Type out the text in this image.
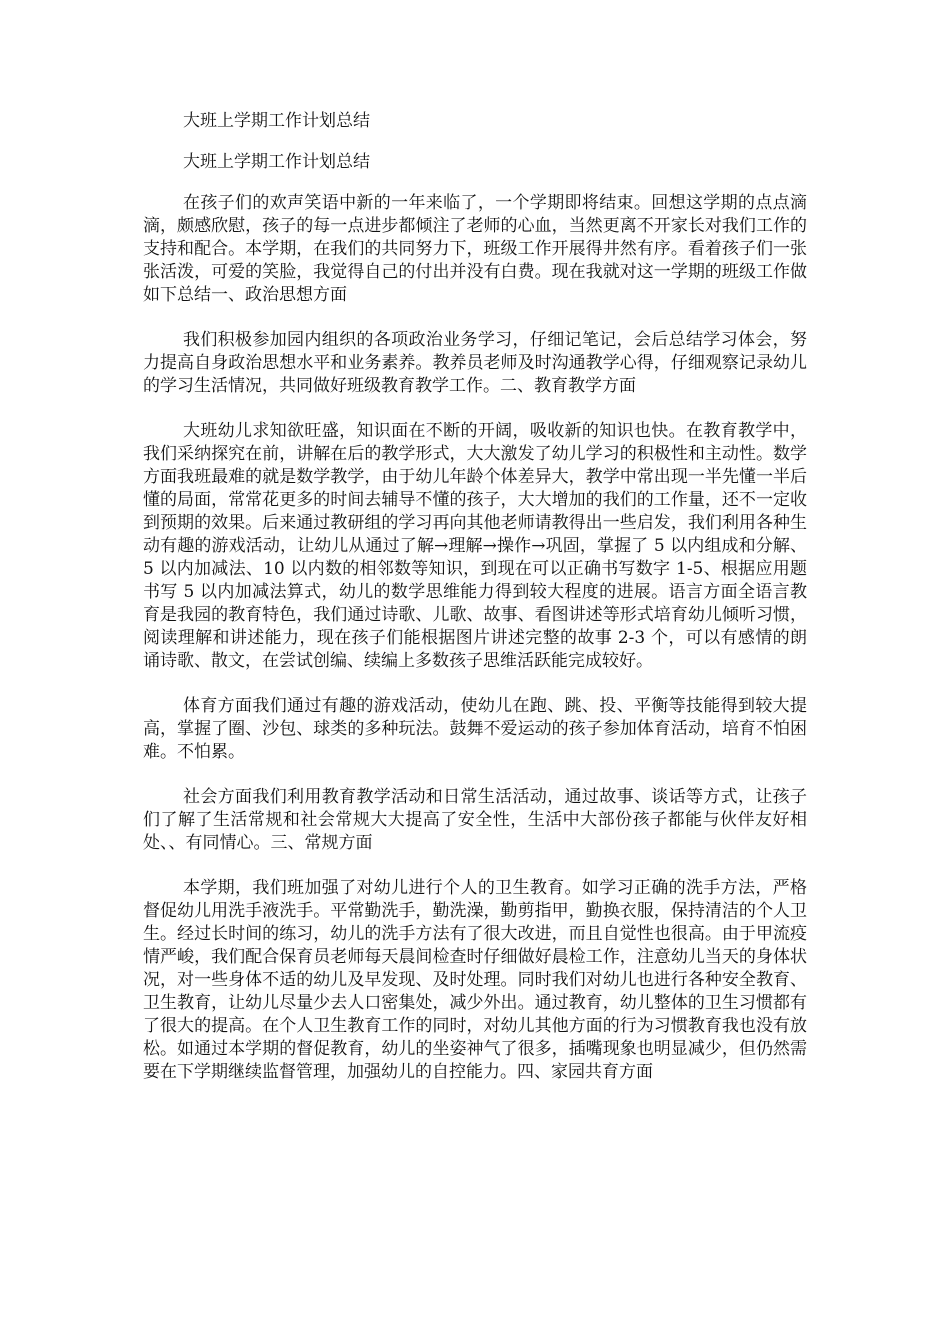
大班上学期工作计划总结
大班上学期工作计划总结

在孩子们的欢声笑语中新的一年来临了，一个学期即将结束。回想这学期的点点滴滴，颇感欣慰，孩子的每一点进步都倾注了老师的心血，当然更离不开家长对我们工作的支持和配合。本学期，在我们的共同努力下，班级工作开展得井然有序。看着孩子们一张张活泼，可爱的笑脸，我觉得自己的付出并没有白费。现在我就对这一学期的班级工作做如下总结一、政治思想方面

我们积极参加园内组织的各项政治业务学习，仔细记笔记，会后总结学习体会，努力提高自身政治思想水平和业务素养。教养员老师及时沟通教学心得，仔细观察记录幼儿的学习生活情况，共同做好班级教育教学工作。二、教育教学方面

大班幼儿求知欲旺盛，知识面在不断的开阔，吸收新的知识也快。在教育教学中，我们采纳探究在前，讲解在后的教学形式，大大激发了幼儿学习的积极性和主动性。数学方面我班最难的就是数学教学，由于幼儿年龄个体差异大，教学中常出现一半先懂一半后懂的局面，常常花更多的时间去辅导不懂的孩子，大大增加的我们的工作量，还不一定收到预期的效果。后来通过教研组的学习再向其他老师请教得出一些启发，我们利用各种生动有趣的游戏活动，让幼儿从通过了解→理解→操作→巩固，掌握了 5 以内组成和分解、5 以内加减法、10 以内数的相邻数等知识，到现在可以正确书写数字 1-5、根据应用题书写 5 以内加减法算式，幼儿的数学思维能力得到较大程度的进展。语言方面全语言教育是我园的教育特色，我们通过诗歌、儿歌、故事、看图讲述等形式培育幼儿倾听习惯，阅读理解和讲述能力，现在孩子们能根据图片讲述完整的故事 2-3 个，可以有感情的朗诵诗歌、散文，在尝试创编、续编上多数孩子思维活跃能完成较好。

体育方面我们通过有趣的游戏活动，使幼儿在跑、跳、投、平衡等技能得到较大提高，掌握了圈、沙包、球类的多种玩法。鼓舞不爱运动的孩子参加体育活动，培育不怕困难。不怕累。

社会方面我们利用教育教学活动和日常生活活动，通过故事、谈话等方式，让孩子们了解了生活常规和社会常规大大提高了安全性，生活中大部份孩子都能与伙伴友好相处、、有同情心。三、常规方面

本学期，我们班加强了对幼儿进行个人的卫生教育。如学习正确的洗手方法，严格督促幼儿用洗手液洗手。平常勤洗手，勤洗澡，勤剪指甲，勤换衣服，保持清洁的个人卫生。经过长时间的练习，幼儿的洗手方法有了很大改进，而且自觉性也很高。由于甲流疫情严峻，我们配合保育员老师每天晨间检查时仔细做好晨检工作，注意幼儿当天的身体状况，对一些身体不适的幼儿及早发现、及时处理。同时我们对幼儿也进行各种安全教育、卫生教育，让幼儿尽量少去人口密集处，减少外出。通过教育，幼儿整体的卫生习惯都有了很大的提高。在个人卫生教育工作的同时，对幼儿其他方面的行为习惯教育我也没有放松。如通过本学期的督促教育，幼儿的坐姿神气了很多，插嘴现象也明显减少，但仍然需要在下学期继续监督管理，加强幼儿的自控能力。四、家园共育方面
